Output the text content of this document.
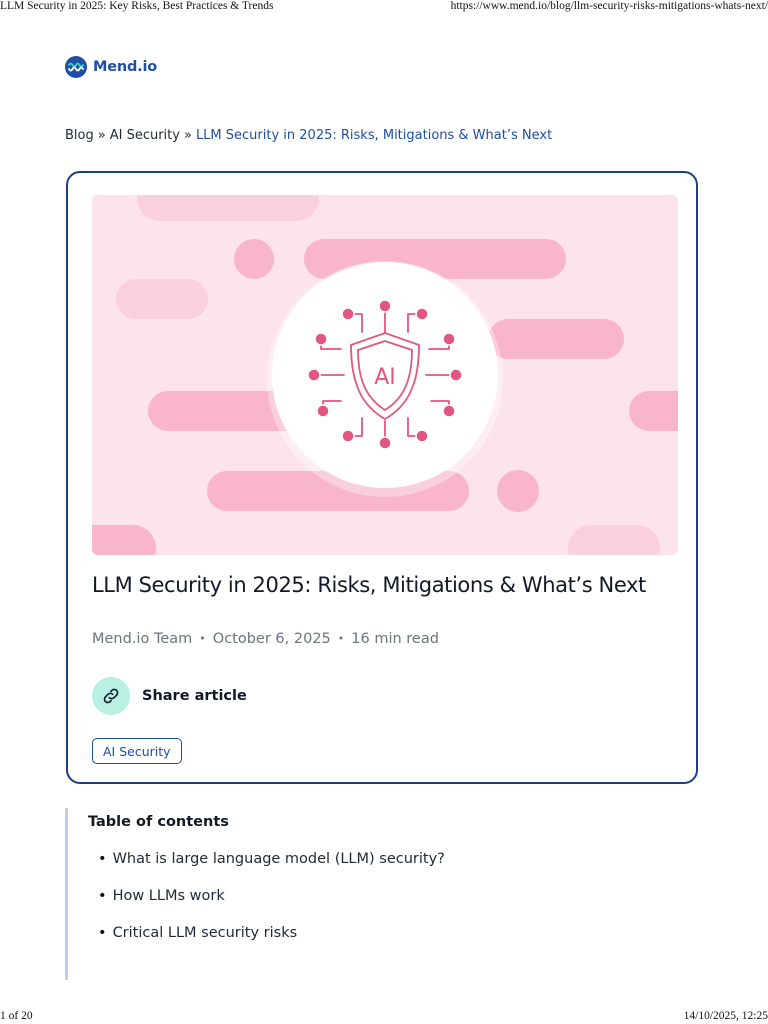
LLM Security in 2025: Key Risks, Best Practices & Trends	https://www.mend.io/blog/llm-security-risks-mitigations-whats-next/
Mend.io
Blog » AI Security » LLM Security in 2025: Risks, Mitigations & What’s Next
AI
LLM Security in 2025: Risks, Mitigations & What’s Next
Mend.io Team • October 6, 2025 • 16 min read
Share article
AI Security
Table of contents
• What is large language model (LLM) security?
• How LLMs work
• Critical LLM security risks
1 of 20	14/10/2025, 12:25
